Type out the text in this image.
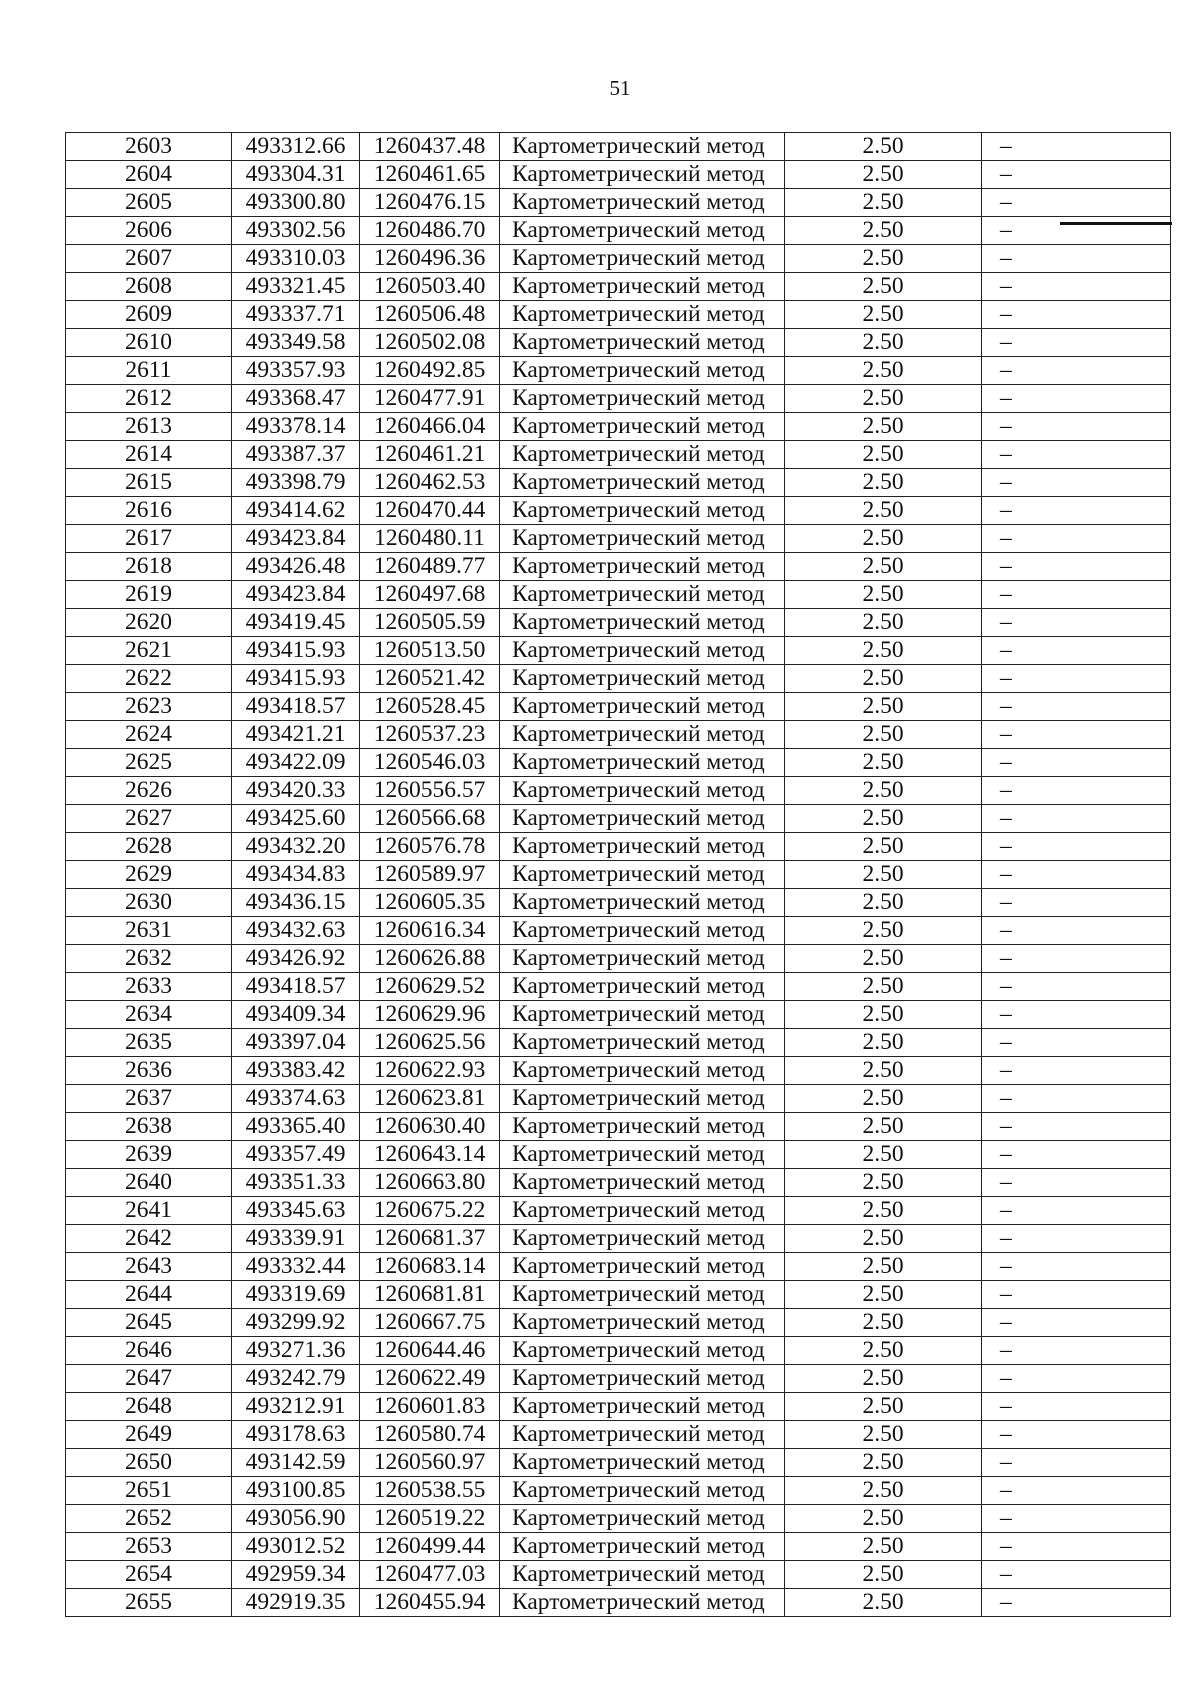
51
2603	493312.66	1260437.48	Картометрический метод	2.50	–
2604	493304.31	1260461.65	Картометрический метод	2.50	–
2605	493300.80	1260476.15	Картометрический метод	2.50	–
2606	493302.56	1260486.70	Картометрический метод	2.50	–
2607	493310.03	1260496.36	Картометрический метод	2.50	–
2608	493321.45	1260503.40	Картометрический метод	2.50	–
2609	493337.71	1260506.48	Картометрический метод	2.50	–
2610	493349.58	1260502.08	Картометрический метод	2.50	–
2611	493357.93	1260492.85	Картометрический метод	2.50	–
2612	493368.47	1260477.91	Картометрический метод	2.50	–
2613	493378.14	1260466.04	Картометрический метод	2.50	–
2614	493387.37	1260461.21	Картометрический метод	2.50	–
2615	493398.79	1260462.53	Картометрический метод	2.50	–
2616	493414.62	1260470.44	Картометрический метод	2.50	–
2617	493423.84	1260480.11	Картометрический метод	2.50	–
2618	493426.48	1260489.77	Картометрический метод	2.50	–
2619	493423.84	1260497.68	Картометрический метод	2.50	–
2620	493419.45	1260505.59	Картометрический метод	2.50	–
2621	493415.93	1260513.50	Картометрический метод	2.50	–
2622	493415.93	1260521.42	Картометрический метод	2.50	–
2623	493418.57	1260528.45	Картометрический метод	2.50	–
2624	493421.21	1260537.23	Картометрический метод	2.50	–
2625	493422.09	1260546.03	Картометрический метод	2.50	–
2626	493420.33	1260556.57	Картометрический метод	2.50	–
2627	493425.60	1260566.68	Картометрический метод	2.50	–
2628	493432.20	1260576.78	Картометрический метод	2.50	–
2629	493434.83	1260589.97	Картометрический метод	2.50	–
2630	493436.15	1260605.35	Картометрический метод	2.50	–
2631	493432.63	1260616.34	Картометрический метод	2.50	–
2632	493426.92	1260626.88	Картометрический метод	2.50	–
2633	493418.57	1260629.52	Картометрический метод	2.50	–
2634	493409.34	1260629.96	Картометрический метод	2.50	–
2635	493397.04	1260625.56	Картометрический метод	2.50	–
2636	493383.42	1260622.93	Картометрический метод	2.50	–
2637	493374.63	1260623.81	Картометрический метод	2.50	–
2638	493365.40	1260630.40	Картометрический метод	2.50	–
2639	493357.49	1260643.14	Картометрический метод	2.50	–
2640	493351.33	1260663.80	Картометрический метод	2.50	–
2641	493345.63	1260675.22	Картометрический метод	2.50	–
2642	493339.91	1260681.37	Картометрический метод	2.50	–
2643	493332.44	1260683.14	Картометрический метод	2.50	–
2644	493319.69	1260681.81	Картометрический метод	2.50	–
2645	493299.92	1260667.75	Картометрический метод	2.50	–
2646	493271.36	1260644.46	Картометрический метод	2.50	–
2647	493242.79	1260622.49	Картометрический метод	2.50	–
2648	493212.91	1260601.83	Картометрический метод	2.50	–
2649	493178.63	1260580.74	Картометрический метод	2.50	–
2650	493142.59	1260560.97	Картометрический метод	2.50	–
2651	493100.85	1260538.55	Картометрический метод	2.50	–
2652	493056.90	1260519.22	Картометрический метод	2.50	–
2653	493012.52	1260499.44	Картометрический метод	2.50	–
2654	492959.34	1260477.03	Картометрический метод	2.50	–
2655	492919.35	1260455.94	Картометрический метод	2.50	–
